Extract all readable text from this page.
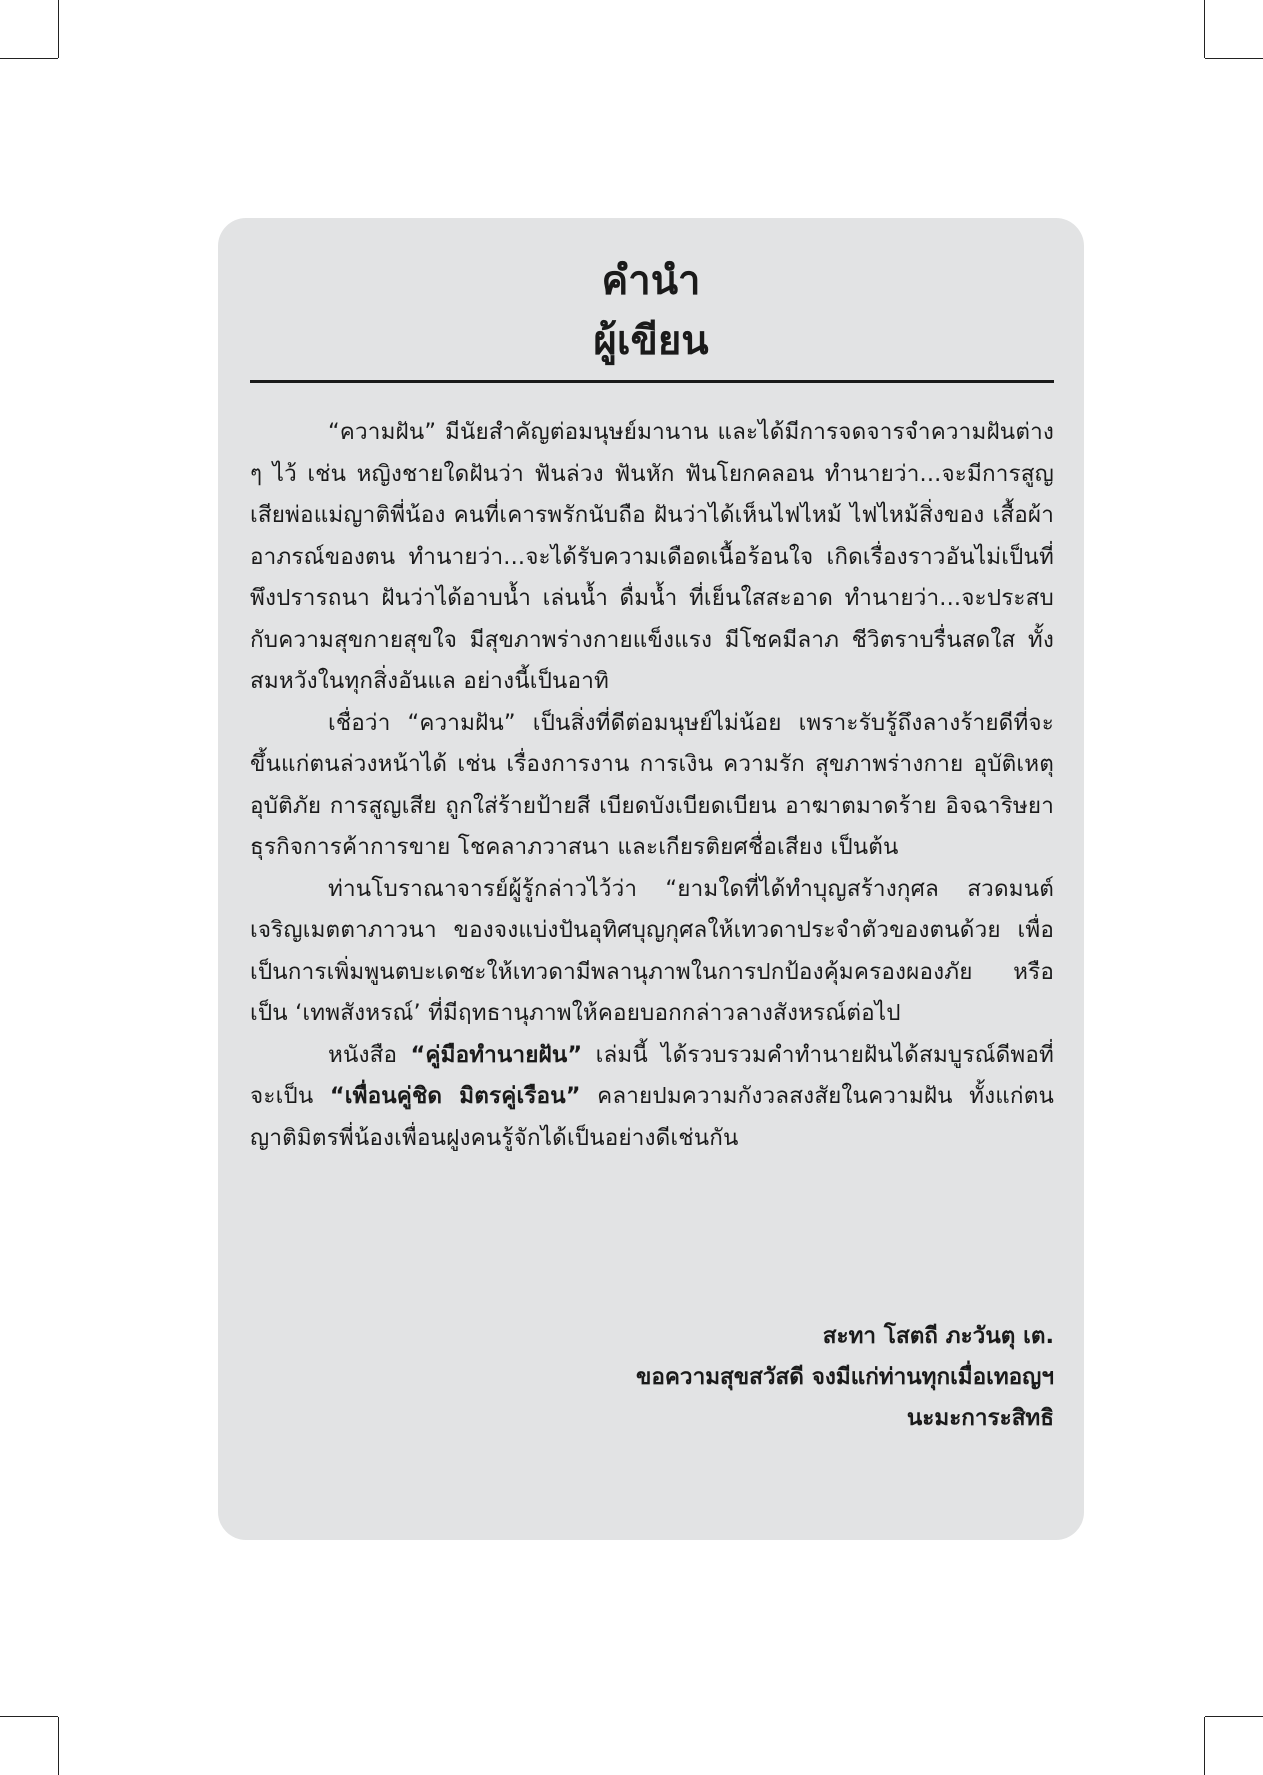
คำนำ
ผู้เขียน

“ความฝัน” มีนัยสำคัญต่อมนุษย์มานาน และได้มีการจดจารจำความฝันต่าง ๆ ไว้ เช่น หญิงชายใดฝันว่า ฟันล่วง ฟันหัก ฟันโยกคลอน ทำนายว่า...จะมีการสูญเสียพ่อแม่ญาติพี่น้อง คนที่เคารพรักนับถือ ฝันว่าได้เห็นไฟไหม้ ไฟไหม้สิ่งของ เสื้อผ้าอาภรณ์ของตน ทำนายว่า...จะได้รับความเดือดเนื้อร้อนใจ เกิดเรื่องราวอันไม่เป็นที่พึงปรารถนา ฝันว่าได้อาบน้ำ เล่นน้ำ ดื่มน้ำ ที่เย็นใสสะอาด ทำนายว่า...จะประสบกับความสุขกายสุขใจ มีสุขภาพร่างกายแข็งแรง มีโชคมีลาภ ชีวิตราบรื่นสดใส ทั้งสมหวังในทุกสิ่งอันแล อย่างนี้เป็นอาทิ

เชื่อว่า “ความฝัน” เป็นสิ่งที่ดีต่อมนุษย์ไม่น้อย เพราะรับรู้ถึงลางร้ายดีที่จะขึ้นแก่ตนล่วงหน้าได้ เช่น เรื่องการงาน การเงิน ความรัก สุขภาพร่างกาย อุบัติเหตุ อุบัติภัย การสูญเสีย ถูกใส่ร้ายป้ายสี เบียดบังเบียดเบียน อาฆาตมาดร้าย อิจฉาริษยา ธุรกิจการค้าการขาย โชคลาภวาสนา และเกียรติยศชื่อเสียง เป็นต้น

ท่านโบราณาจารย์ผู้รู้กล่าวไว้ว่า “ยามใดที่ได้ทำบุญสร้างกุศล สวดมนต์เจริญเมตตาภาวนา ของจงแบ่งปันอุทิศบุญกุศลให้เทวดาประจำตัวของตนด้วย เพื่อเป็นการเพิ่มพูนตบะเดชะให้เทวดามีพลานุภาพในการปกป้องคุ้มครองผองภัย หรือเป็น ‘เทพสังหรณ์’ ที่มีฤทธานุภาพให้คอยบอกกล่าวลางสังหรณ์ต่อไป

หนังสือ “คู่มือทำนายฝัน” เล่มนี้ ได้รวบรวมคำทำนายฝันได้สมบูรณ์ดีพอที่จะเป็น “เพื่อนคู่ชิด มิตรคู่เรือน” คลายปมความกังวลสงสัยในความฝัน ทั้งแก่ตนญาติมิตรพี่น้องเพื่อนฝูงคนรู้จักได้เป็นอย่างดีเช่นกัน

สะทา โสตถี ภะวันตุ เต.
ขอความสุขสวัสดี จงมีแก่ท่านทุกเมื่อเทอญฯ
นะมะการะสิทธิ
